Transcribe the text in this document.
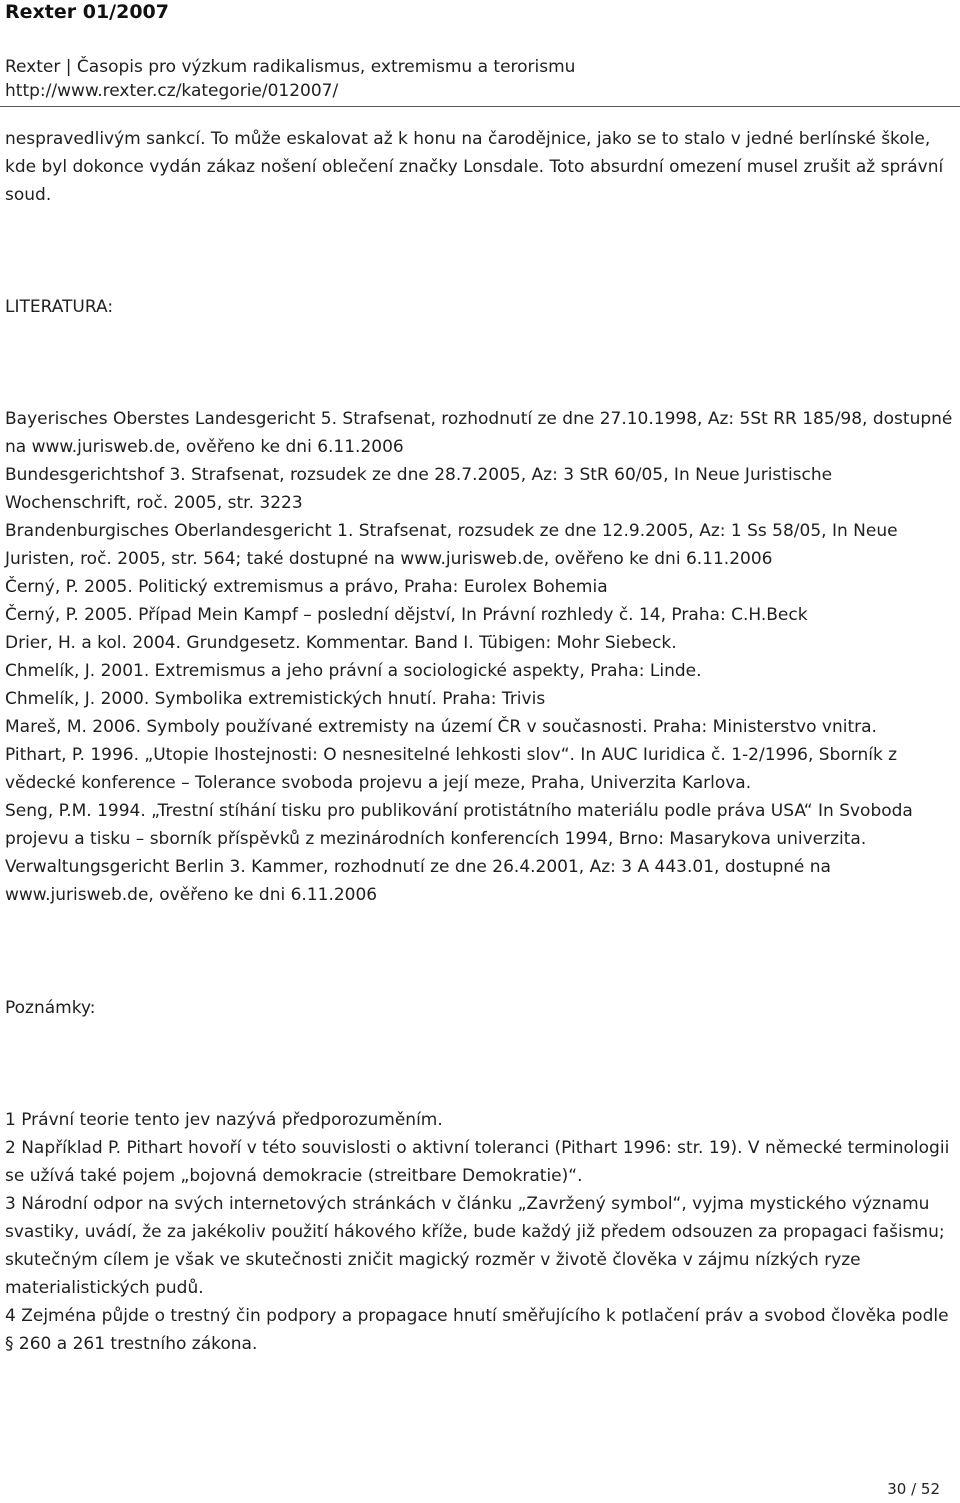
Rexter 01/2007
Rexter | Časopis pro výzkum radikalismus, extremismu a terorismu
http://www.rexter.cz/kategorie/012007/

nespravedlivým sankcí. To může eskalovat až k honu na čarodějnice, jako se to stalo v jedné berlínské škole, kde byl dokonce vydán zákaz nošení oblečení značky Lonsdale. Toto absurdní omezení musel zrušit až správní soud.

LITERATURA:

Bayerisches Oberstes Landesgericht 5. Strafsenat, rozhodnutí ze dne 27.10.1998, Az: 5St RR 185/98, dostupné na www.jurisweb.de, ověřeno ke dni 6.11.2006

Bundesgerichtshof 3. Strafsenat, rozsudek ze dne 28.7.2005, Az: 3 StR 60/05, In Neue Juristische Wochenschrift, roč. 2005, str. 3223

Brandenburgisches Oberlandesgericht 1. Strafsenat, rozsudek ze dne 12.9.2005, Az: 1 Ss 58/05, In Neue Juristen, roč. 2005, str. 564; také dostupné na www.jurisweb.de, ověřeno ke dni 6.11.2006

Černý, P. 2005. Politický extremismus a právo, Praha: Eurolex Bohemia

Černý, P. 2005. Případ Mein Kampf – poslední dějství, In Právní rozhledy č. 14, Praha: C.H.Beck

Drier, H. a kol. 2004. Grundgesetz. Kommentar. Band I. Tübigen: Mohr Siebeck.

Chmelík, J. 2001. Extremismus a jeho právní a sociologické aspekty, Praha: Linde.

Chmelík, J. 2000. Symbolika extremistických hnutí. Praha: Trivis

Mareš, M. 2006. Symboly používané extremisty na území ČR v současnosti. Praha: Ministerstvo vnitra.

Pithart, P. 1996. „Utopie lhostejnosti: O nesnesitelné lehkosti slov“. In AUC Iuridica č. 1-2/1996, Sborník z vědecké konference – Tolerance svoboda projevu a její meze, Praha, Univerzita Karlova.

Seng, P.M. 1994. „Trestní stíhání tisku pro publikování protistátního materiálu podle práva USA“ In Svoboda projevu a tisku – sborník příspěvků z mezinárodních konferencích 1994, Brno: Masarykova univerzita.

Verwaltungsgericht Berlin 3. Kammer, rozhodnutí ze dne 26.4.2001, Az: 3 A 443.01, dostupné na www.jurisweb.de, ověřeno ke dni 6.11.2006

Poznámky:

1 Právní teorie tento jev nazývá předporozuměním.

2 Například P. Pithart hovoří v této souvislosti o aktivní toleranci (Pithart 1996: str. 19). V německé terminologii se užívá také pojem „bojovná demokracie (streitbare Demokratie)“.

3 Národní odpor na svých internetových stránkách v článku „Zavržený symbol“, vyjma mystického významu svastiky, uvádí, že za jakékoliv použití hákového kříže, bude každý již předem odsouzen za propagaci fašismu; skutečným cílem je však ve skutečnosti zničit magický rozměr v životě člověka v zájmu nízkých ryze materialistických pudů.

4 Zejména půjde o trestný čin podpory a propagace hnutí směřujícího k potlačení práv a svobod člověka podle § 260 a 261 trestního zákona.

30 / 52
